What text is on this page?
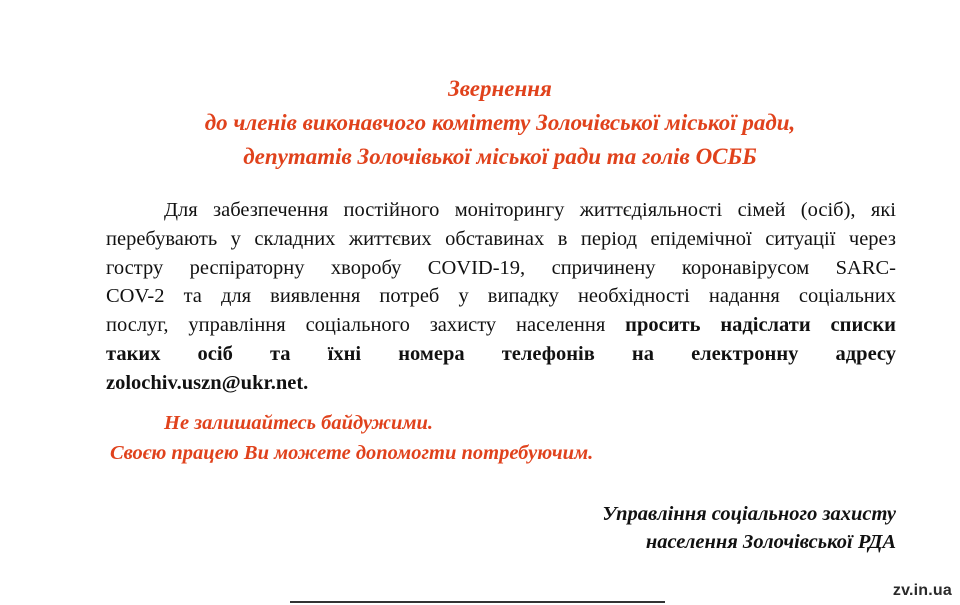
Звернення
до членів виконавчого комітету Золочівської міської ради,
депутатів Золочівької міської ради та голів ОСББ
Для забезпечення постійного моніторингу життєдіяльності сімей (осіб), які
перебувають у складних життєвих обставинах в період епідемічної ситуації через
гостру респіраторну хворобу COVID-19, спричинену коронавірусом SARC-
COV-2 та для виявлення потреб у випадку необхідності надання соціальних
послуг, управління соціального захисту населення просить надіслати списки
таких осіб та їхні номера телефонів на електронну адресу
zolochiv.uszn@ukr.net.
Не залишайтесь байдужими.
Своєю працею Ви можете допомогти потребуючим.
Управління соціального захисту
населення Золочівської РДА
zv.in.ua
